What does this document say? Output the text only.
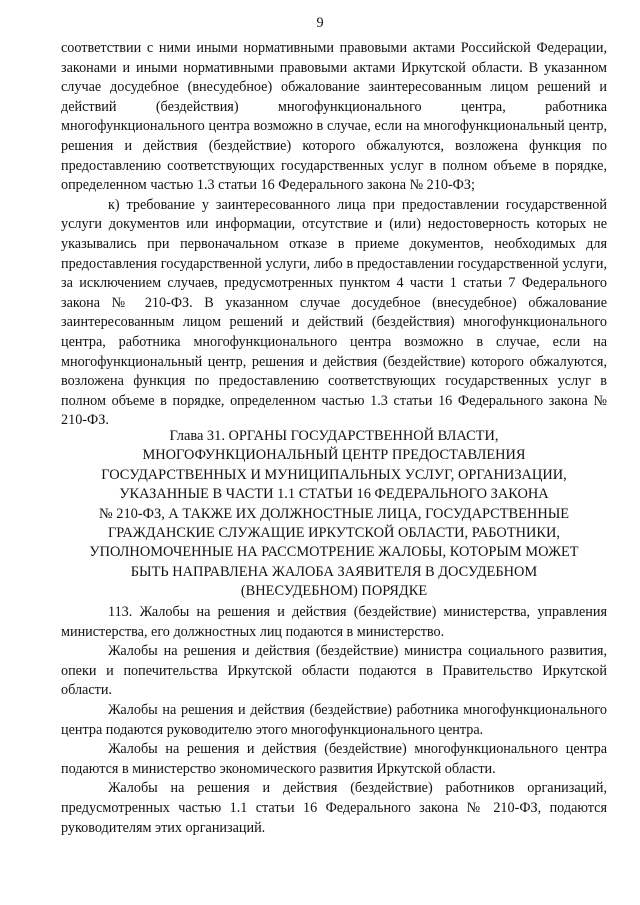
9

соответствии с ними иными нормативными правовыми актами Российской Федерации, законами и иными нормативными правовыми актами Иркутской области. В указанном случае досудебное (внесудебное) обжалование заинтересованным лицом решений и действий (бездействия) многофункционального центра, работника многофункционального центра возможно в случае, если на многофункциональный центр, решения и действия (бездействие) которого обжалуются, возложена функция по предоставлению соответствующих государственных услуг в полном объеме в порядке, определенном частью 1.3 статьи 16 Федерального закона № 210-ФЗ;

к) требование у заинтересованного лица при предоставлении государственной услуги документов или информации, отсутствие и (или) недостоверность которых не указывались при первоначальном отказе в приеме документов, необходимых для предоставления государственной услуги, либо в предоставлении государственной услуги, за исключением случаев, предусмотренных пунктом 4 части 1 статьи 7 Федерального закона № 210-ФЗ. В указанном случае досудебное (внесудебное) обжалование заинтересованным лицом решений и действий (бездействия) многофункционального центра, работника многофункционального центра возможно в случае, если на многофункциональный центр, решения и действия (бездействие) которого обжалуются, возложена функция по предоставлению соответствующих государственных услуг в полном объеме в порядке, определенном частью 1.3 статьи 16 Федерального закона № 210-ФЗ.

Глава 31. ОРГАНЫ ГОСУДАРСТВЕННОЙ ВЛАСТИ,
МНОГОФУНКЦИОНАЛЬНЫЙ ЦЕНТР ПРЕДОСТАВЛЕНИЯ
ГОСУДАРСТВЕННЫХ И МУНИЦИПАЛЬНЫХ УСЛУГ, ОРГАНИЗАЦИИ,
УКАЗАННЫЕ В ЧАСТИ 1.1 СТАТЬИ 16 ФЕДЕРАЛЬНОГО ЗАКОНА
№ 210-ФЗ, А ТАКЖЕ ИХ ДОЛЖНОСТНЫЕ ЛИЦА, ГОСУДАРСТВЕННЫЕ
ГРАЖДАНСКИЕ СЛУЖАЩИЕ ИРКУТСКОЙ ОБЛАСТИ, РАБОТНИКИ,
УПОЛНОМОЧЕННЫЕ НА РАССМОТРЕНИЕ ЖАЛОБЫ, КОТОРЫМ МОЖЕТ
БЫТЬ НАПРАВЛЕНА ЖАЛОБА ЗАЯВИТЕЛЯ В ДОСУДЕБНОМ
(ВНЕСУДЕБНОМ) ПОРЯДКЕ

113. Жалобы на решения и действия (бездействие) министерства, управления министерства, его должностных лиц подаются в министерство.

Жалобы на решения и действия (бездействие) министра социального развития, опеки и попечительства Иркутской области подаются в Правительство Иркутской области.

Жалобы на решения и действия (бездействие) работника многофункционального центра подаются руководителю этого многофункционального центра.

Жалобы на решения и действия (бездействие) многофункционального центра подаются в министерство экономического развития Иркутской области.

Жалобы на решения и действия (бездействие) работников организаций, предусмотренных частью 1.1 статьи 16 Федерального закона № 210-ФЗ, подаются руководителям этих организаций.
